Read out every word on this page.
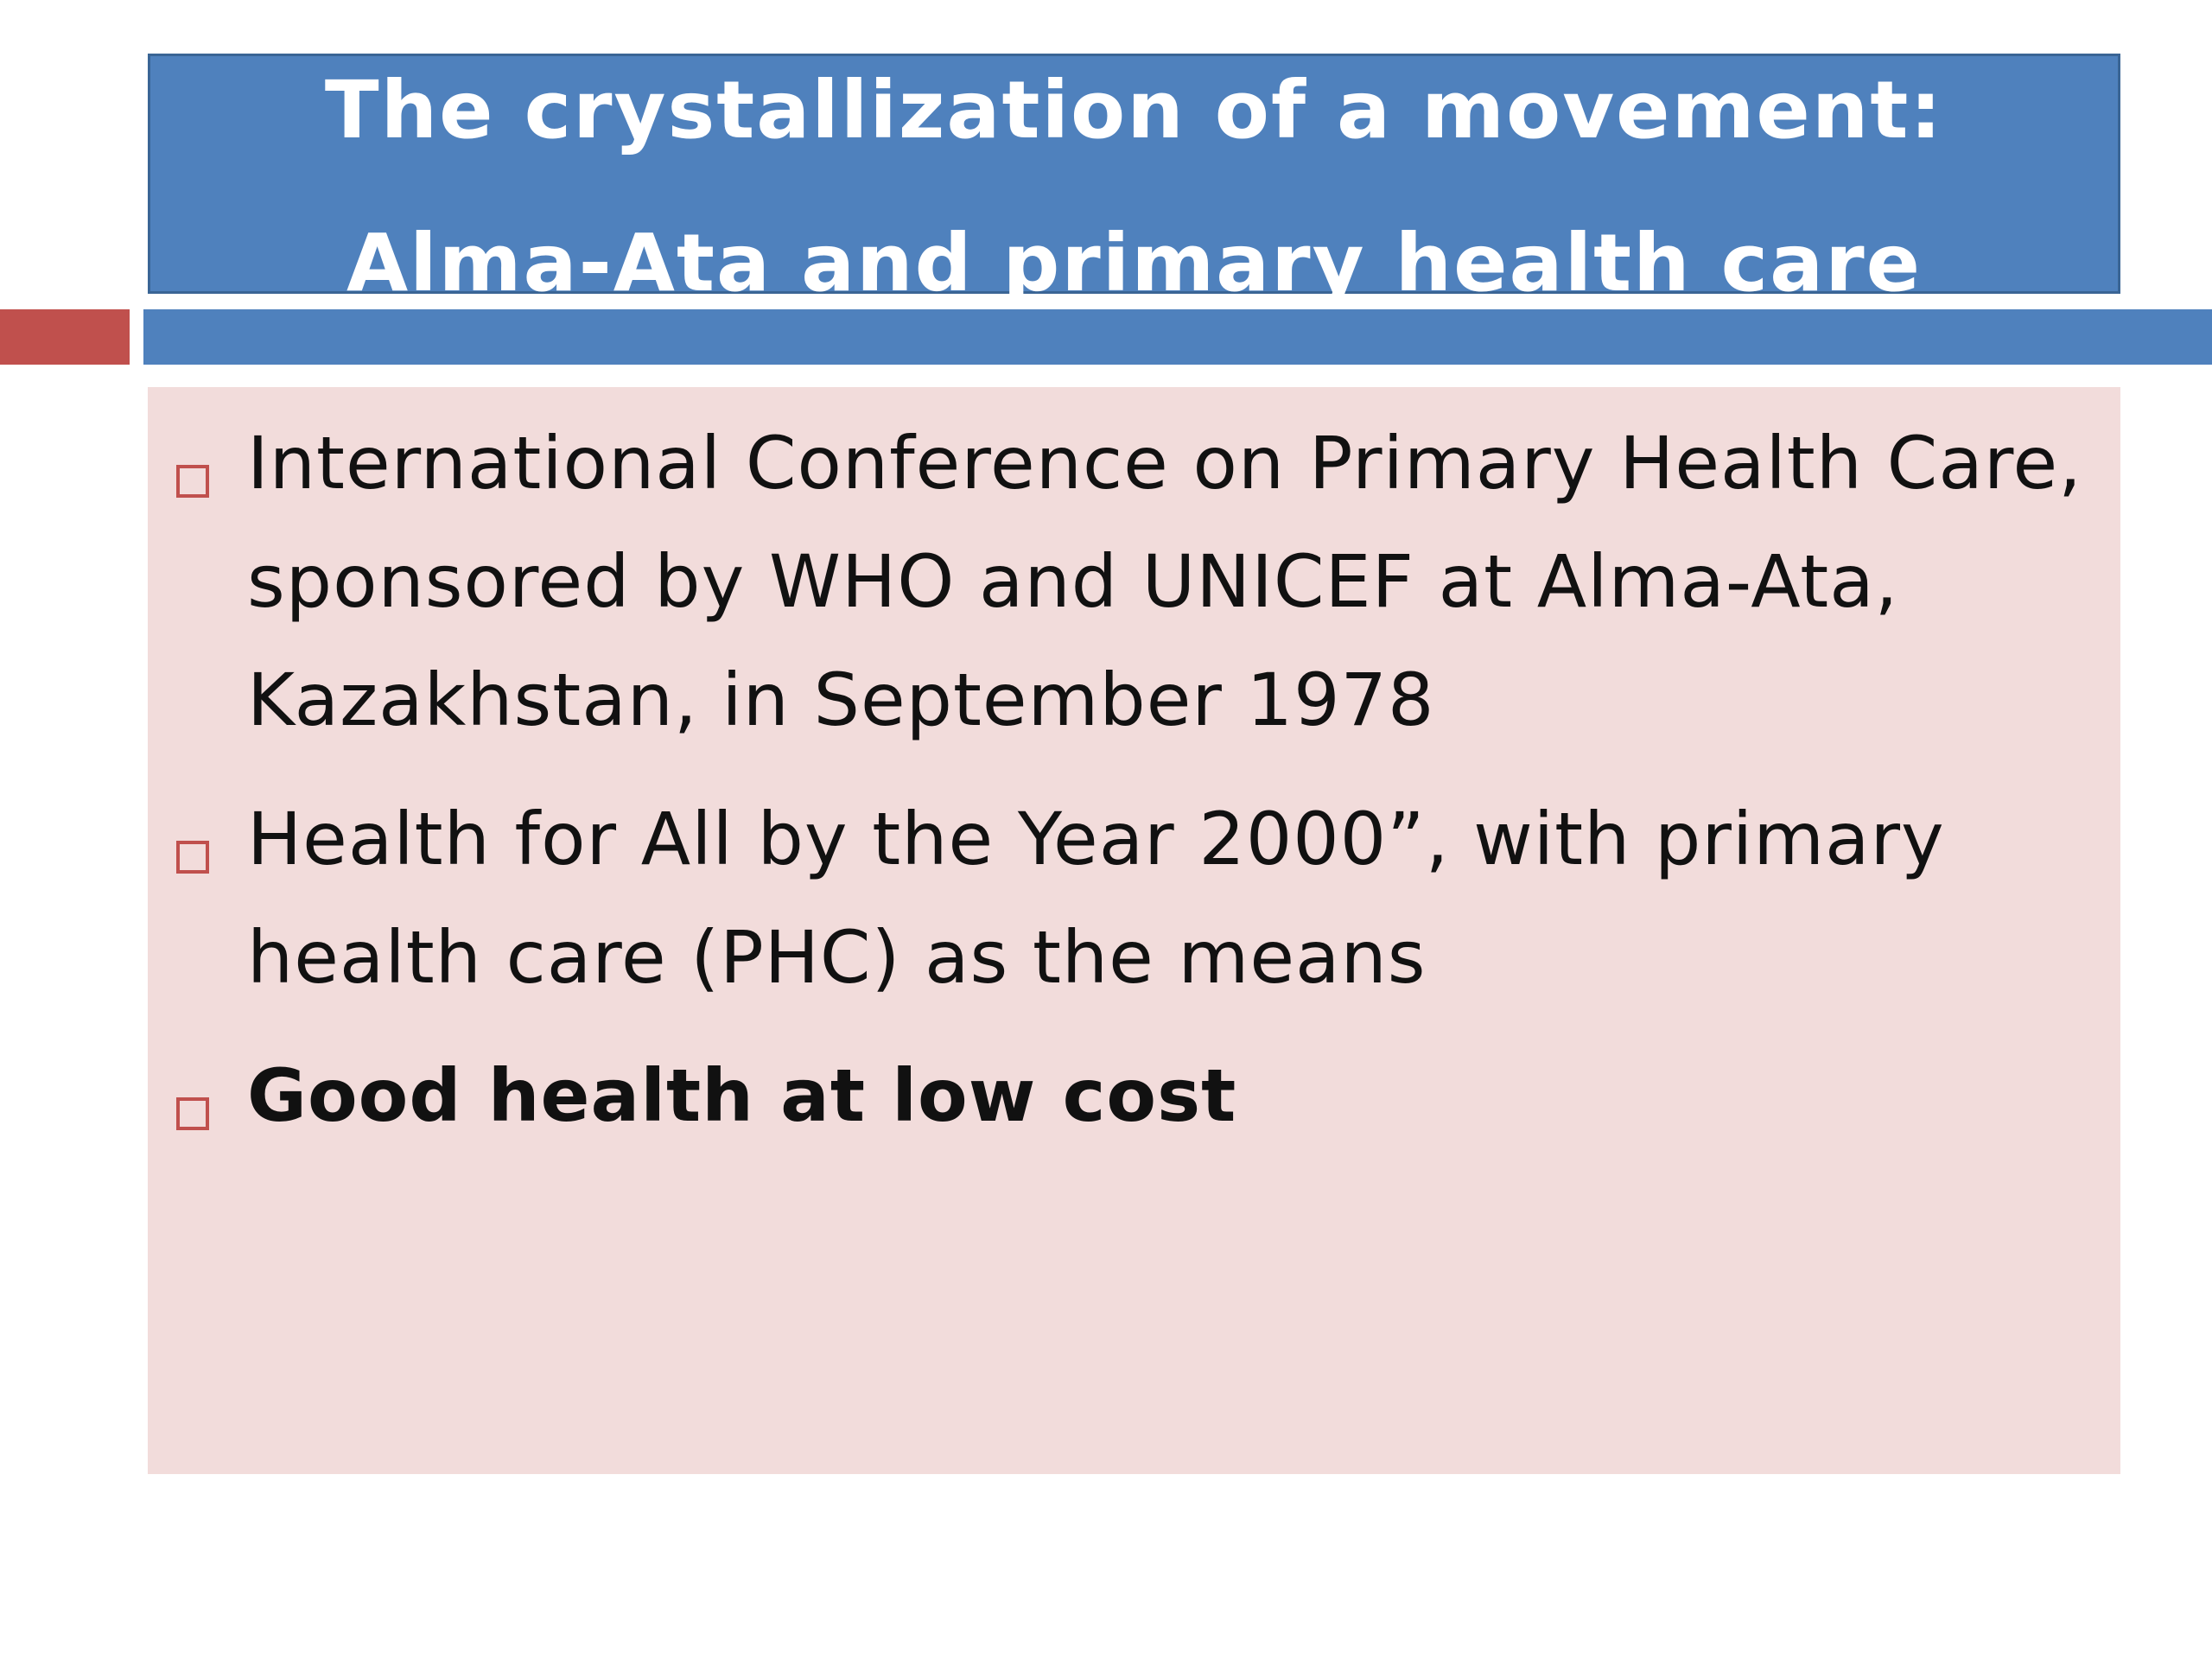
The crystallization of a movement:
Alma-Ata and primary health care
International Conference on Primary Health Care, sponsored by WHO and UNICEF at Alma-Ata, Kazakhstan, in September 1978
Health for All by the Year 2000”, with primary health care (PHC) as the means
Good health at low cost
